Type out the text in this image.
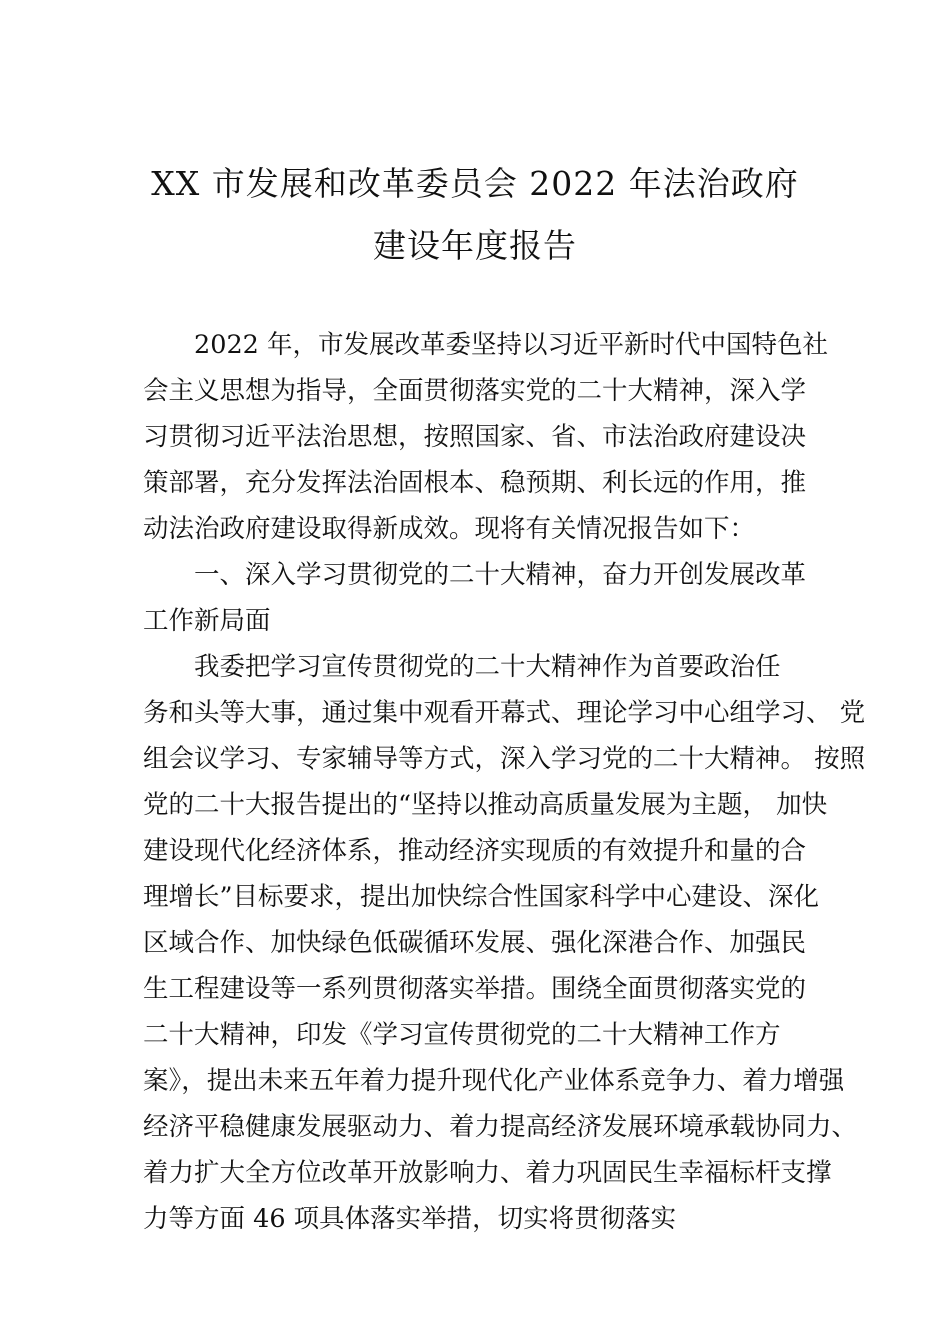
XX 市发展和改革委员会 2022 年法治政府
建设年度报告
2022 年，市发展改革委坚持以习近平新时代中国特色社
会主义思想为指导，全面贯彻落实党的二十大精神，深入学
习贯彻习近平法治思想，按照国家、省、市法治政府建设决
策部署，充分发挥法治固根本、稳预期、利长远的作用，推
动法治政府建设取得新成效。现将有关情况报告如下：
一、深入学习贯彻党的二十大精神，奋力开创发展改革
工作新局面
我委把学习宣传贯彻党的二十大精神作为首要政治任
务和头等大事，通过集中观看开幕式、理论学习中心组学习、 党
组会议学习、专家辅导等方式，深入学习党的二十大精神。 按照
党的二十大报告提出的“坚持以推动高质量发展为主题， 加快
建设现代化经济体系，推动经济实现质的有效提升和量的合
理增长”目标要求，提出加快综合性国家科学中心建设、深化
区域合作、加快绿色低碳循环发展、强化深港合作、加强民
生工程建设等一系列贯彻落实举措。围绕全面贯彻落实党的
二十大精神，印发《学习宣传贯彻党的二十大精神工作方
案》，提出未来五年着力提升现代化产业体系竞争力、着力增强
经济平稳健康发展驱动力、着力提高经济发展环境承载协同力、
着力扩大全方位改革开放影响力、着力巩固民生幸福标杆支撑
力等方面 46 项具体落实举措，切实将贯彻落实
